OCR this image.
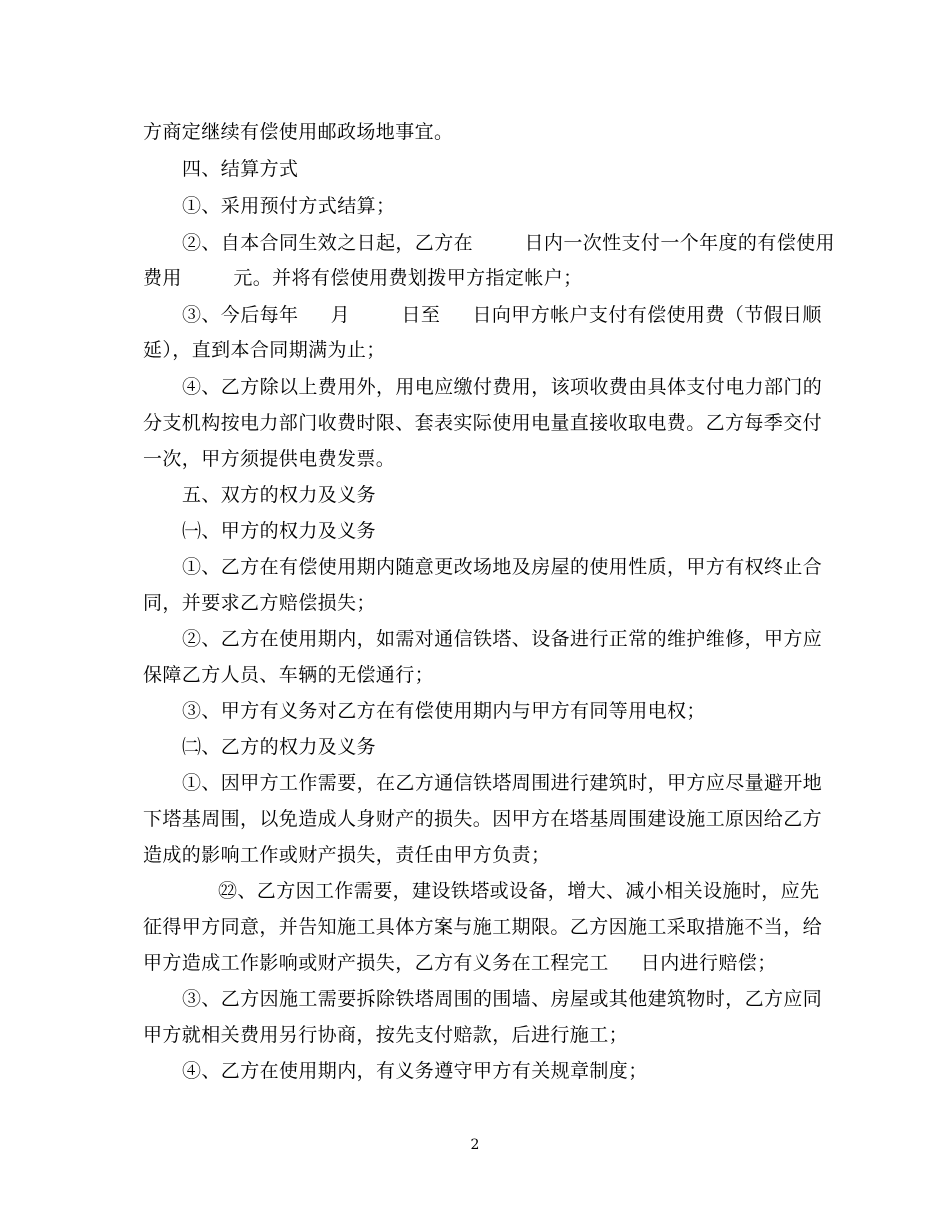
方商定继续有偿使用邮政场地事宜。
四、结算方式
①、采用预付方式结算；
②、自本合同生效之日起，乙方在        日内一次性支付一个年度的有偿使用
费用        元。并将有偿使用费划拨甲方指定帐户；
③、今后每年     月        日至     日向甲方帐户支付有偿使用费（节假日顺
延），直到本合同期满为止；
④、乙方除以上费用外，用电应缴付费用，该项收费由具体支付电力部门的
分支机构按电力部门收费时限、套表实际使用电量直接收取电费。乙方每季交付
一次，甲方须提供电费发票。
五、双方的权力及义务
㈠、甲方的权力及义务
①、乙方在有偿使用期内随意更改场地及房屋的使用性质，甲方有权终止合
同，并要求乙方赔偿损失；
②、乙方在使用期内，如需对通信铁塔、设备进行正常的维护维修，甲方应
保障乙方人员、车辆的无偿通行；
③、甲方有义务对乙方在有偿使用期内与甲方有同等用电权；
㈡、乙方的权力及义务
①、因甲方工作需要，在乙方通信铁塔周围进行建筑时，甲方应尽量避开地
下塔基周围，以免造成人身财产的损失。因甲方在塔基周围建设施工原因给乙方
造成的影响工作或财产损失，责任由甲方负责；
㉒、乙方因工作需要，建设铁塔或设备，增大、减小相关设施时，应先
征得甲方同意，并告知施工具体方案与施工期限。乙方因施工采取措施不当，给
甲方造成工作影响或财产损失，乙方有义务在工程完工     日内进行赔偿；
③、乙方因施工需要拆除铁塔周围的围墙、房屋或其他建筑物时，乙方应同
甲方就相关费用另行协商，按先支付赔款，后进行施工；
④、乙方在使用期内，有义务遵守甲方有关规章制度；
2
